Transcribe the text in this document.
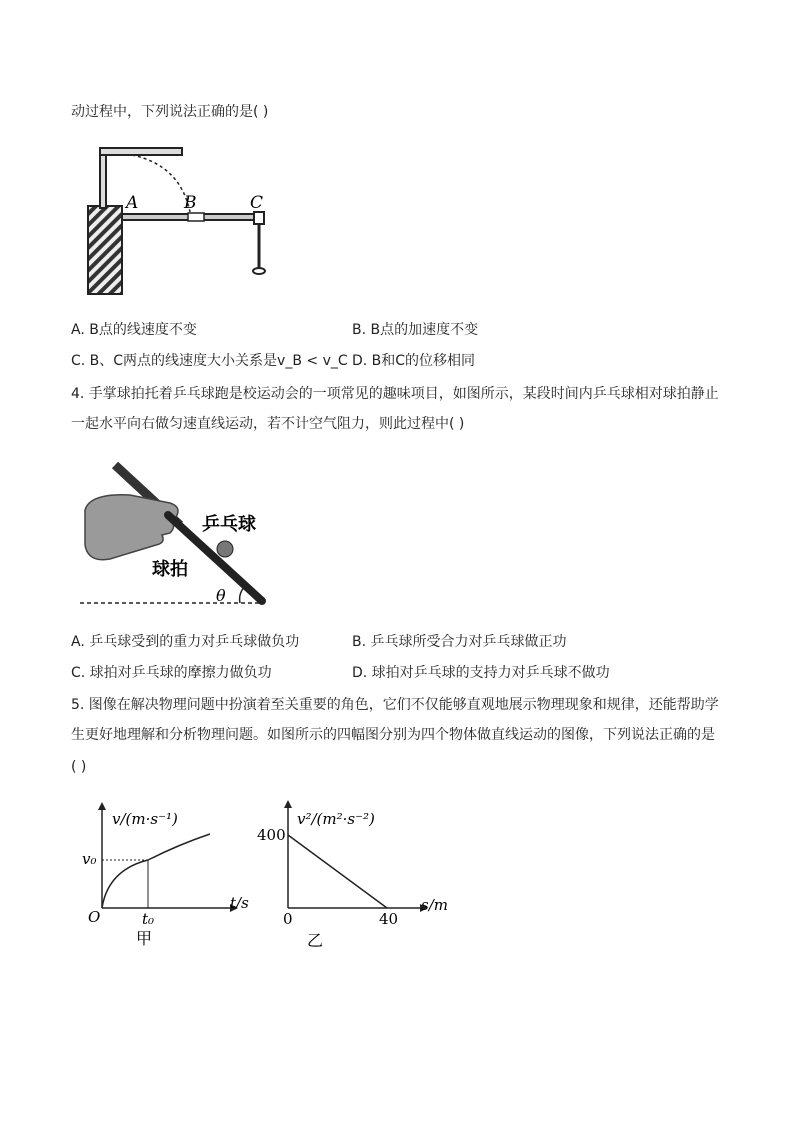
动过程中，下列说法正确的是( )
A	B	C
A. B点的线速度不变	B. B点的加速度不变
C. B、C两点的线速度大小关系是v_B < v_C D. B和C的位移相同
4. 手掌球拍托着乒乓球跑是校运动会的一项常见的趣味项目，如图所示，某段时间内乒乓球相对球拍静止
一起水平向右做匀速直线运动，若不计空气阻力，则此过程中( )
乒乓球
球拍
θ
A. 乒乓球受到的重力对乒乓球做负功	B. 乒乓球所受合力对乒乓球做正功
C. 球拍对乒乓球的摩擦力做负功	D. 球拍对乒乓球的支持力对乒乓球不做功
5. 图像在解决物理问题中扮演着至关重要的角色，它们不仅能够直观地展示物理现象和规律，还能帮助学
生更好地理解和分析物理问题。如图所示的四幅图分别为四个物体做直线运动的图像，下列说法正确的是
( )
v/(m·s⁻¹)
t/s
O
v₀
t₀
甲
v²/(m²·s⁻²)
s/m
400
0	40
乙
